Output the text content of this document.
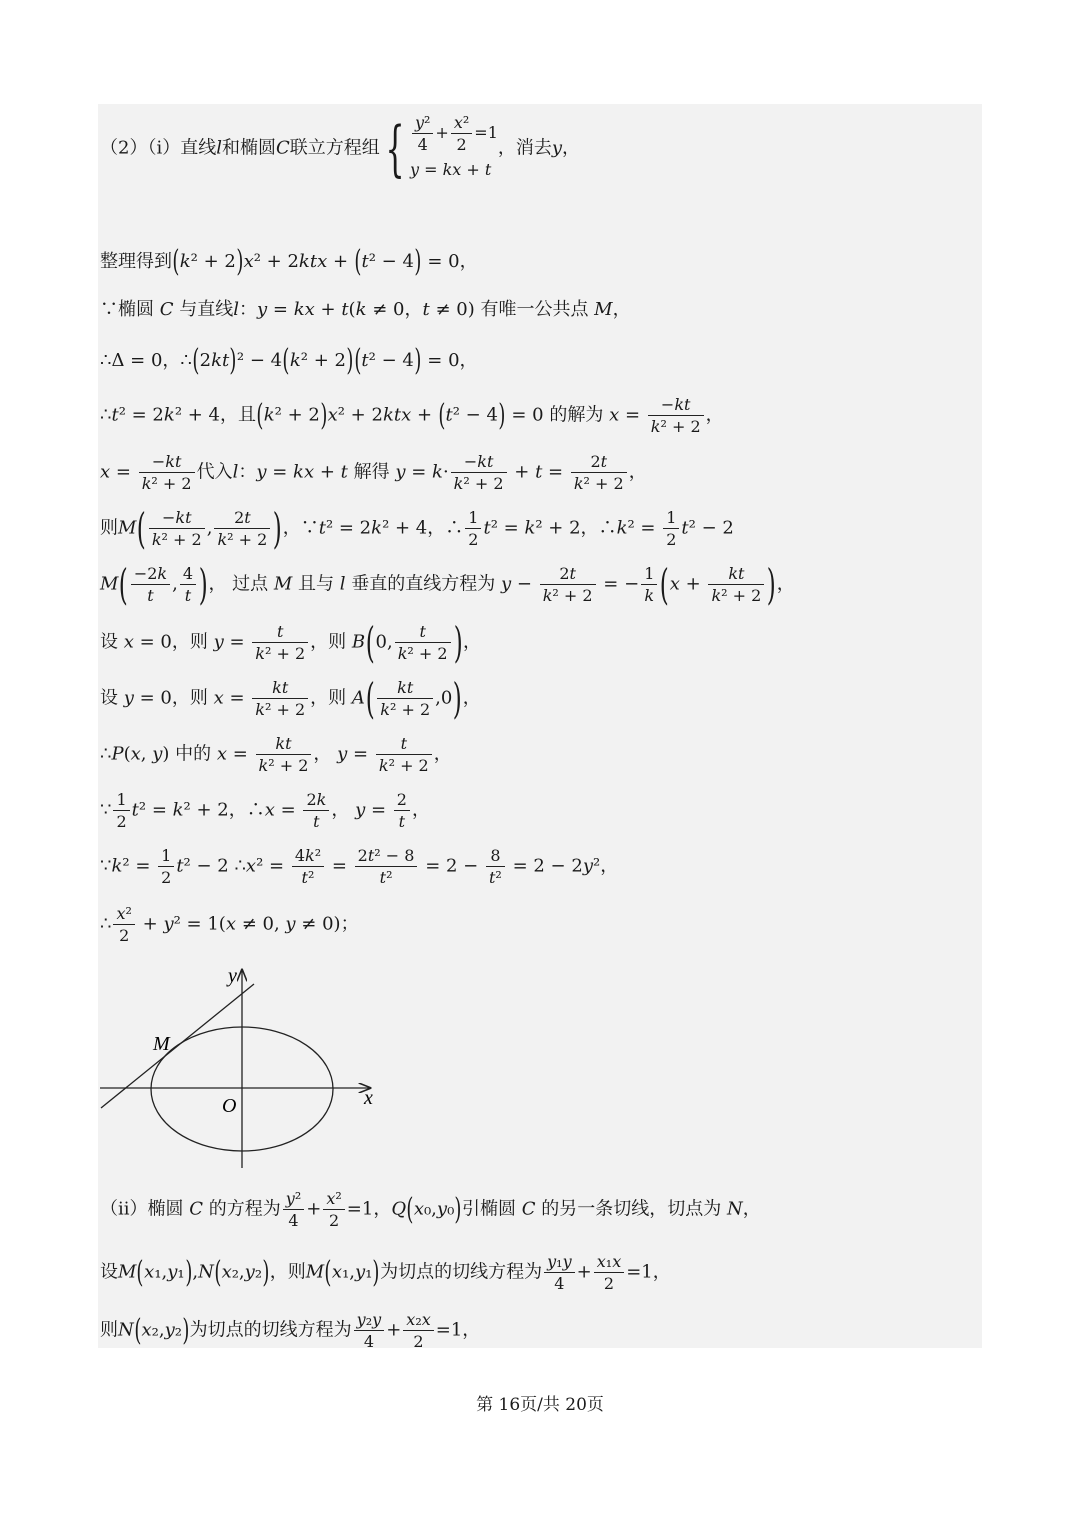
（2）（i）直线l和椭圆C联立方程组{ $\frac{\text{y²}}{4} + \frac{\text{x²}}{2} =1$
y = kx + t
，消去y，
整理得到(k² + 2)x² + 2ktx + (t² − 4) = 0，
∵椭圆 C 与直线l：y = kx + t(k ≠ 0，t ≠ 0) 有唯一公共点 M，
∴Δ = 0，∴(2kt)² − 4(k² + 2)(t² − 4) = 0，
∴t² = 2k² + 4，且(k² + 2)x² + 2ktx + (t² − 4) = 0 的解为 $x = \frac{-kt}{\text{k² + 2}}$ ，
$x = \frac{-kt}{\text{k² + 2}}$ 代入l：y = kx + t 解得 $y = k\cdot \frac{-kt}{\text{k² + 2}} + t = \frac{2t}{\text{k² + 2}}$ ，
则$M( \frac{-kt}{\text{k² + 2}}$ , $\frac{2t}{\text{k² + 2}}$ )，∵t² = 2k² + 4，∴ $\frac{1}{2} t^2 = k^2 + 2$，∴k² = $\frac{1}{2} t^2 - 2$
$M( \frac{-2k}{t}$ , $\frac{4}{t}$ )， 过点 M 且与 l 垂直的直线方程为 $y - \frac{2t}{\text{k² + 2}}$ = − $\frac{1}{k} (x + \frac{kt}{\text{k² + 2}}$ )，
设 x = 0，则 $y = \frac{t}{\text{k² + 2}}$ ，则 B(0, $\frac{t}{\text{k² + 2}}$ )，
设 y = 0，则 $x = \frac{kt}{\text{k² + 2}}$ ，则 $A( \frac{kt}{\text{k² + 2}} ,0)$，
∴P(x, y) 中的 $x = \frac{kt}{\text{k² + 2}}$ ， $y = \frac{t}{\text{k² + 2}}$ ，
∵ $\frac{1}{2} t^2 = k^2 + 2$，∴x = $\frac{2k}{t}$ ， $y = \frac{2}{t}$ ，
∵k² = $\frac{1}{2} t^2 - 2$ ∴x² = $\frac{\text{4k²}}{\text{t²}} = \frac{\text{2t² − 8}}{\text{t²}} = 2 - \frac{8}{\text{t²}} = 2 - 2y^2$，
∴ $\frac{\text{x²}}{2} + y^2 = 1(x \ne 0$, y ≠ 0)；
y
x
O
M
（ii）椭圆 C 的方程为 $\frac{\text{y²}}{4} + \frac{\text{x²}}{2} =1$，Q(x₀,y₀)引椭圆 C 的另一条切线，切点为 N，
设M(x₁,y₁),N(x₂,y₂)，则M(x₁,y₁)为切点的切线方程为 $\frac{\text{y₁y}}{4} + \frac{\text{x₁x}}{2} =1$，
则N(x₂,y₂)为切点的切线方程为 $\frac{\text{y₂y}}{4} + \frac{\text{x₂x}}{2} =1$，
第 16页/共 20页
